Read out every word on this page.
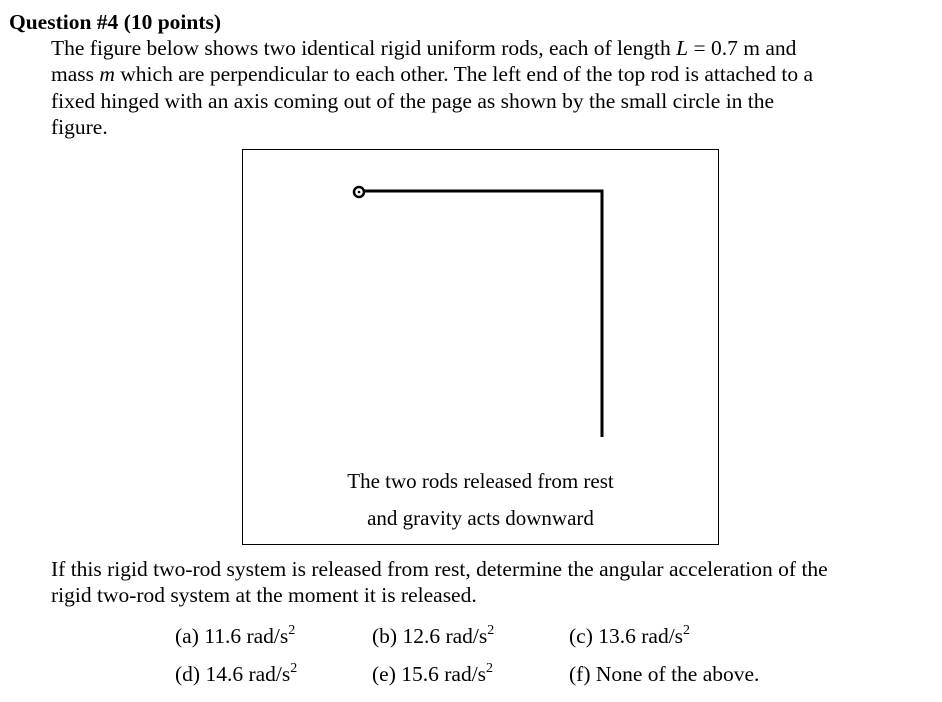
Question #4 (10 points)
The figure below shows two identical rigid uniform rods, each of length L = 0.7 m and
mass m which are perpendicular to each other. The left end of the top rod is attached to a
fixed hinged with an axis coming out of the page as shown by the small circle in the
figure.
The two rods released from rest
and gravity acts downward
If this rigid two-rod system is released from rest, determine the angular acceleration of the
rigid two-rod system at the moment it is released.
(a) 11.6 rad/$s^2$	(b) 12.6 rad/$s^2$	(c) 13.6 rad/$s^2$
(d) 14.6 rad/$s^2$	(e) 15.6 rad/$s^2$	(f) None of the above.
